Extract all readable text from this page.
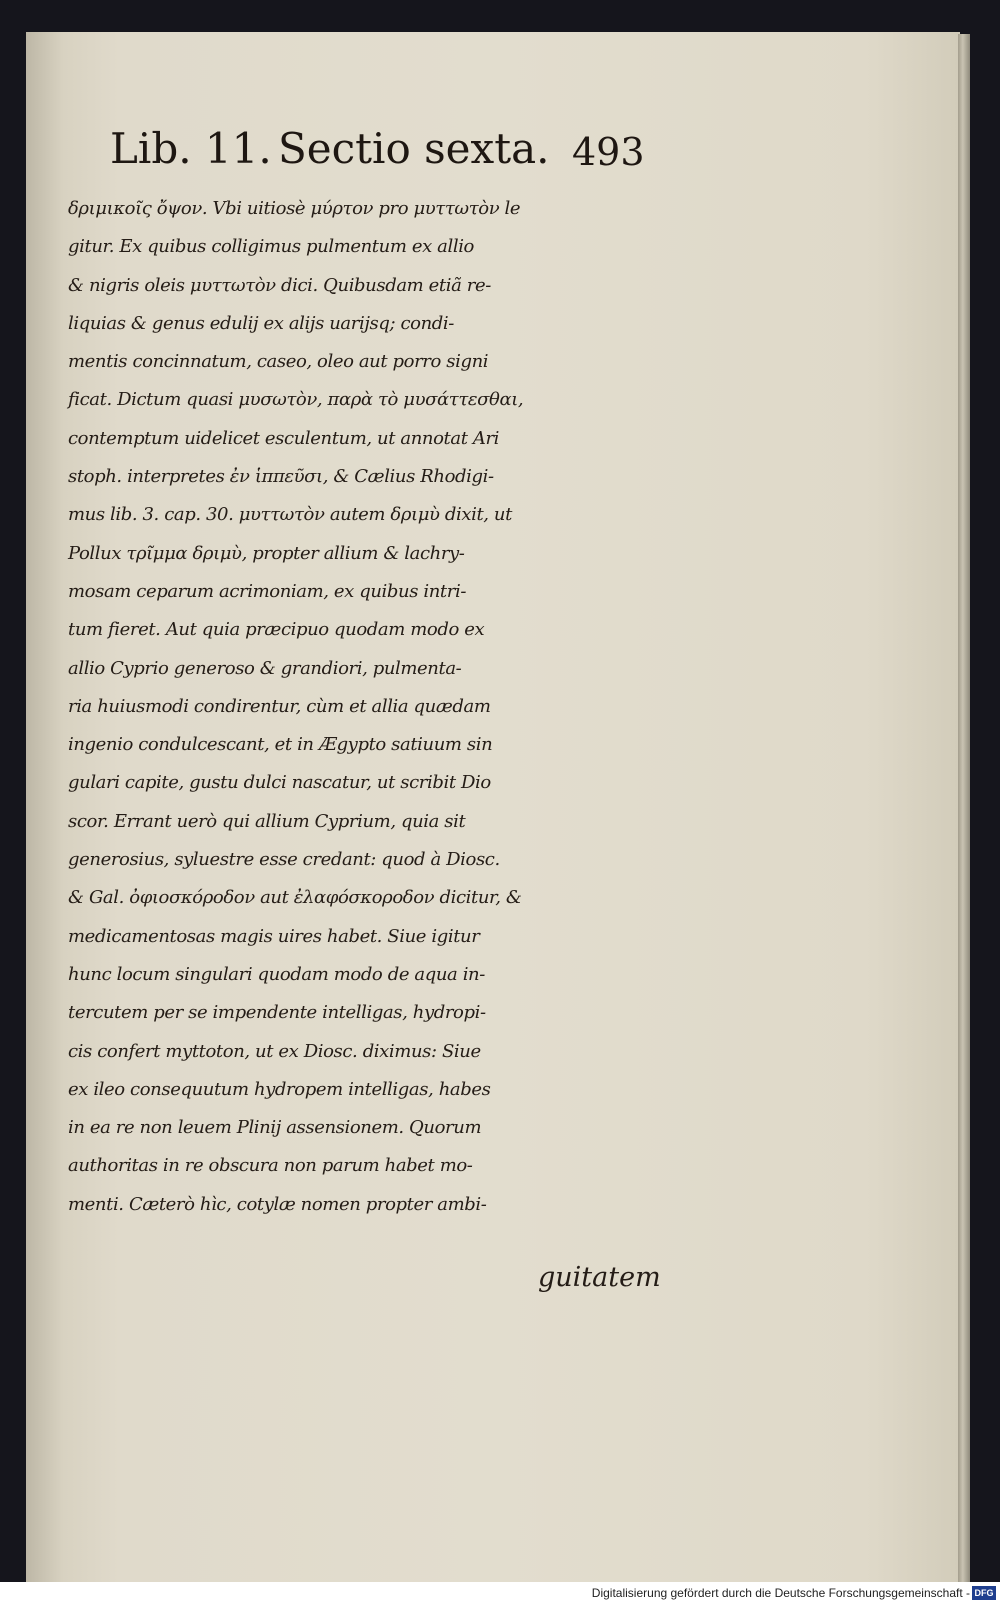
Lib. 11. Sectio sexta. 493
δριμικοῖς ὄψον. Vbi uitiosè μύρτον pro μυττωτὸν le
gitur. Ex quibus colligimus pulmentum ex allio
& nigris oleis μυττωτὸν dici. Quibusdam etiã re-
liquias & genus edulij ex alijs uarijsq; condi-
mentis concinnatum, caseo, oleo aut porro signi
ficat. Dictum quasi μυσωτὸν, παρὰ τὸ μυσάττεσθαι,
contemptum uidelicet esculentum, ut annotat Ari
stoph. interpretes ἐν ἱππεῦσι, & Cælius Rhodigi-
mus lib. 3. cap. 30. μυττωτὸν autem δριμὺ dixit, ut
Pollux τρῖμμα δριμὺ, propter allium & lachry-
mosam ceparum acrimoniam, ex quibus intri-
tum fieret. Aut quia præcipuo quodam modo ex
allio Cyprio generoso & grandiori, pulmenta-
ria huiusmodi condirentur, cùm et allia quædam
ingenio condulcescant, et in Ægypto satiuum sin
gulari capite, gustu dulci nascatur, ut scribit Dio
scor. Errant uerò qui allium Cyprium, quia sit
generosius, syluestre esse credant: quod à Diosc.
& Gal. ὀφιοσκόροδον aut ἐλαφόσκοροδον dicitur, &
medicamentosas magis uires habet. Siue igitur
hunc locum singulari quodam modo de aqua in-
tercutem per se impendente intelligas, hydropi-
cis confert myttoton, ut ex Diosc. diximus: Siue
ex ileo consequutum hydropem intelligas, habes
in ea re non leuem Plinij assensionem. Quorum
authoritas in re obscura non parum habet mo-
menti. Cæterò hìc, cotylæ nomen propter ambi-
guitatem
Digitalisierung gefördert durch die Deutsche Forschungsgemeinschaft - DFG
